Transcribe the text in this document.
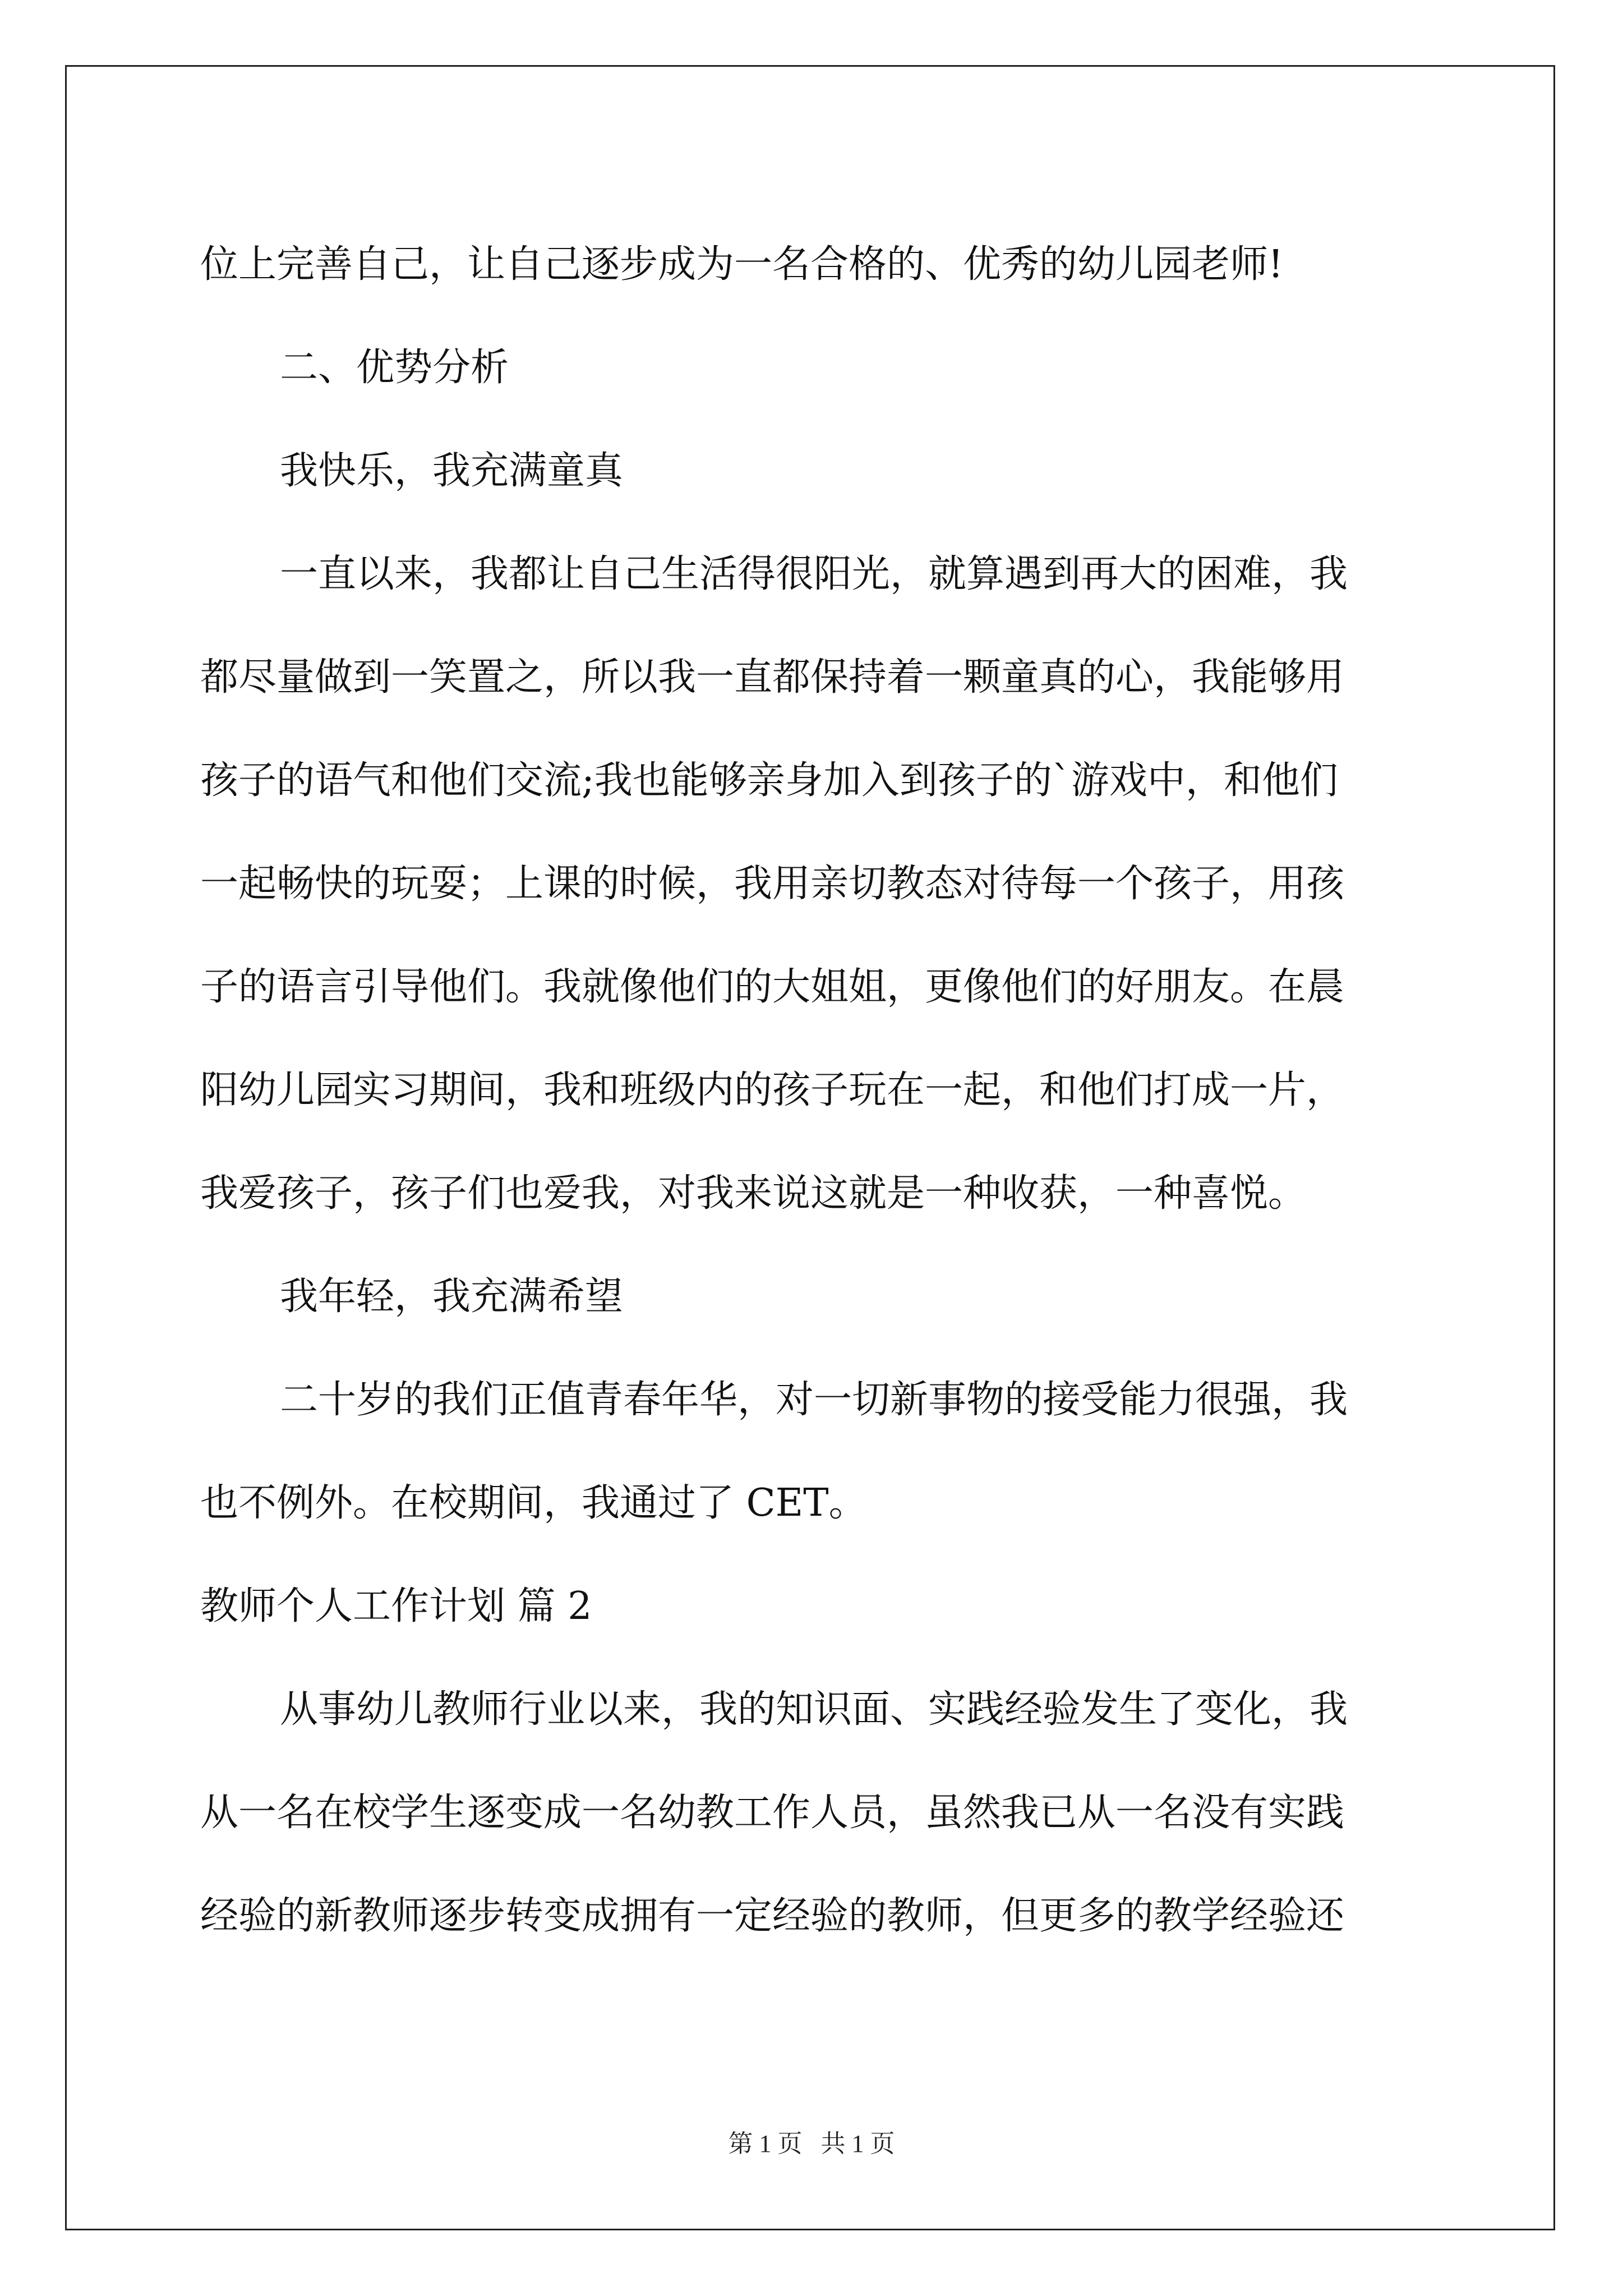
位上完善自己，让自己逐步成为一名合格的、优秀的幼儿园老师!

二、优势分析

我快乐，我充满童真

一直以来，我都让自己生活得很阳光，就算遇到再大的困难，我

都尽量做到一笑置之，所以我一直都保持着一颗童真的心，我能够用

孩子的语气和他们交流;我也能够亲身加入到孩子的`游戏中，和他们

一起畅快的玩耍；上课的时候，我用亲切教态对待每一个孩子，用孩

子的语言引导他们。我就像他们的大姐姐，更像他们的好朋友。在晨

阳幼儿园实习期间，我和班级内的孩子玩在一起，和他们打成一片，

我爱孩子，孩子们也爱我，对我来说这就是一种收获，一种喜悦。

我年轻，我充满希望

二十岁的我们正值青春年华，对一切新事物的接受能力很强，我

也不例外。在校期间，我通过了 CET。

教师个人工作计划 篇 2

从事幼儿教师行业以来，我的知识面、实践经验发生了变化，我

从一名在校学生逐变成一名幼教工作人员，虽然我已从一名没有实践

经验的新教师逐步转变成拥有一定经验的教师，但更多的教学经验还

第 1 页   共 1 页
